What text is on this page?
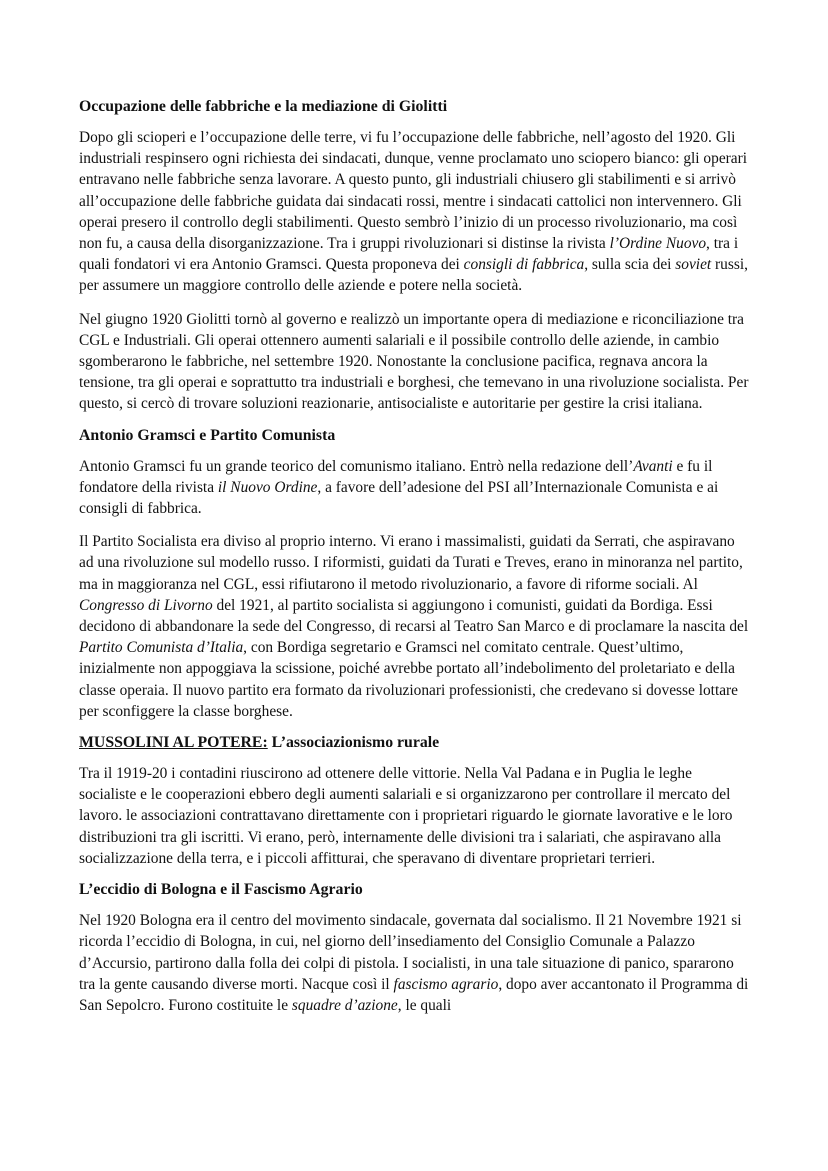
Occupazione delle fabbriche e la mediazione di Giolitti

Dopo gli scioperi e l’occupazione delle terre, vi fu l’occupazione delle fabbriche, nell’agosto del 1920. Gli industriali respinsero ogni richiesta dei sindacati, dunque, venne proclamato uno sciopero bianco: gli operari entravano nelle fabbriche senza lavorare. A questo punto, gli industriali chiusero gli stabilimenti e si arrivò all’occupazione delle fabbriche guidata dai sindacati rossi, mentre i sindacati cattolici non intervennero. Gli operai presero il controllo degli stabilimenti. Questo sembrò l’inizio di un processo rivoluzionario, ma così non fu, a causa della disorganizzazione. Tra i gruppi rivoluzionari si distinse la rivista l’Ordine Nuovo, tra i quali fondatori vi era Antonio Gramsci. Questa proponeva dei consigli di fabbrica, sulla scia dei soviet russi, per assumere un maggiore controllo delle aziende e potere nella società.

Nel giugno 1920 Giolitti tornò al governo e realizzò un importante opera di mediazione e riconciliazione tra CGL e Industriali. Gli operai ottennero aumenti salariali e il possibile controllo delle aziende, in cambio sgomberarono le fabbriche, nel settembre 1920. Nonostante la conclusione pacifica, regnava ancora la tensione, tra gli operai e soprattutto tra industriali e borghesi, che temevano in una rivoluzione socialista. Per questo, si cercò di trovare soluzioni reazionarie, antisocialiste e autoritarie per gestire la crisi italiana.

Antonio Gramsci e Partito Comunista

Antonio Gramsci fu un grande teorico del comunismo italiano. Entrò nella redazione dell’Avanti e fu il fondatore della rivista il Nuovo Ordine, a favore dell’adesione del PSI all’Internazionale Comunista e ai consigli di fabbrica.

Il Partito Socialista era diviso al proprio interno. Vi erano i massimalisti, guidati da Serrati, che aspiravano ad una rivoluzione sul modello russo. I riformisti, guidati da Turati e Treves, erano in minoranza nel partito, ma in maggioranza nel CGL, essi rifiutarono il metodo rivoluzionario, a favore di riforme sociali. Al Congresso di Livorno del 1921, al partito socialista si aggiungono i comunisti, guidati da Bordiga. Essi decidono di abbandonare la sede del Congresso, di recarsi al Teatro San Marco e di proclamare la nascita del Partito Comunista d’Italia, con Bordiga segretario e Gramsci nel comitato centrale. Quest’ultimo, inizialmente non appoggiava la scissione, poiché avrebbe portato all’indebolimento del proletariato e della classe operaia. Il nuovo partito era formato da rivoluzionari professionisti, che credevano si dovesse lottare per sconfiggere la classe borghese.

MUSSOLINI AL POTERE: L’associazionismo rurale

Tra il 1919-20 i contadini riuscirono ad ottenere delle vittorie. Nella Val Padana e in Puglia le leghe socialiste e le cooperazioni ebbero degli aumenti salariali e si organizzarono per controllare il mercato del lavoro. le associazioni contrattavano direttamente con i proprietari riguardo le giornate lavorative e le loro distribuzioni tra gli iscritti. Vi erano, però, internamente delle divisioni tra i salariati, che aspiravano alla socializzazione della terra, e i piccoli affitturai, che speravano di diventare proprietari terrieri.

L’eccidio di Bologna e il Fascismo Agrario

Nel 1920 Bologna era il centro del movimento sindacale, governata dal socialismo. Il 21 Novembre 1921 si ricorda l’eccidio di Bologna, in cui, nel giorno dell’insediamento del Consiglio Comunale a Palazzo d’Accursio, partirono dalla folla dei colpi di pistola. I socialisti, in una tale situazione di panico, spararono tra la gente causando diverse morti. Nacque così il fascismo agrario, dopo aver accantonato il Programma di San Sepolcro. Furono costituite le squadre d’azione, le quali
